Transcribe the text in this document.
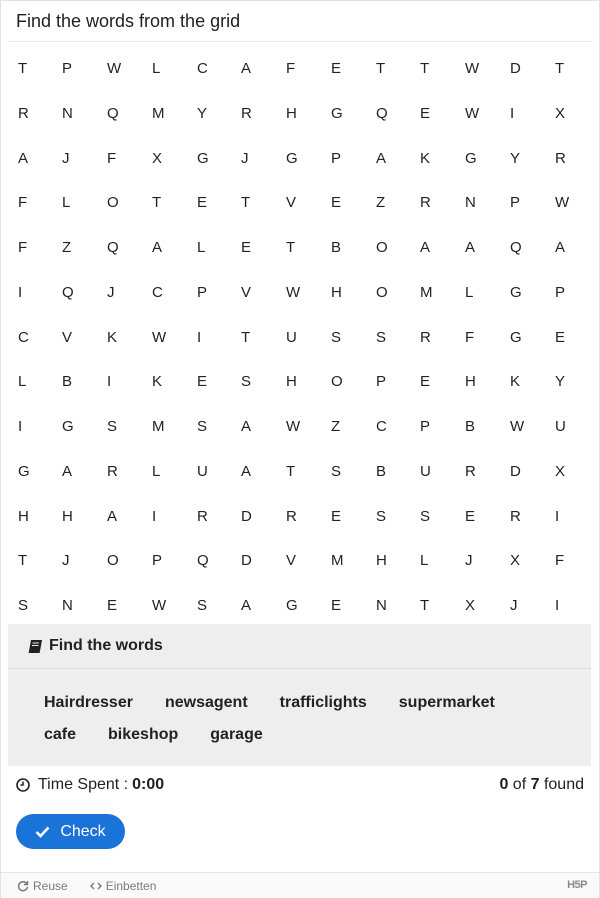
Find the words from the grid
T	P	W	L	C	A	F	E	T	T	W	D	T
R	N	Q	M	Y	R	H	G	Q	E	W	I	X
A	J	F	X	G	J	G	P	A	K	G	Y	R
F	L	O	T	E	T	V	E	Z	R	N	P	W
F	Z	Q	A	L	E	T	B	O	A	A	Q	A
I	Q	J	C	P	V	W	H	O	M	L	G	P
C	V	K	W	I	T	U	S	S	R	F	G	E
L	B	I	K	E	S	H	O	P	E	H	K	Y
I	G	S	M	S	A	W	Z	C	P	B	W	U
G	A	R	L	U	A	T	S	B	U	R	D	X
H	H	A	I	R	D	R	E	S	S	E	R	I
T	J	O	P	Q	D	V	M	H	L	J	X	F
S	N	E	W	S	A	G	E	N	T	X	J	I
Find the words
Hairdresser newsagent trafficlights supermarket
cafe bikeshop garage
Time Spent : 0:00	0 of 7 found
Check
Reuse	Einbetten	H5P
